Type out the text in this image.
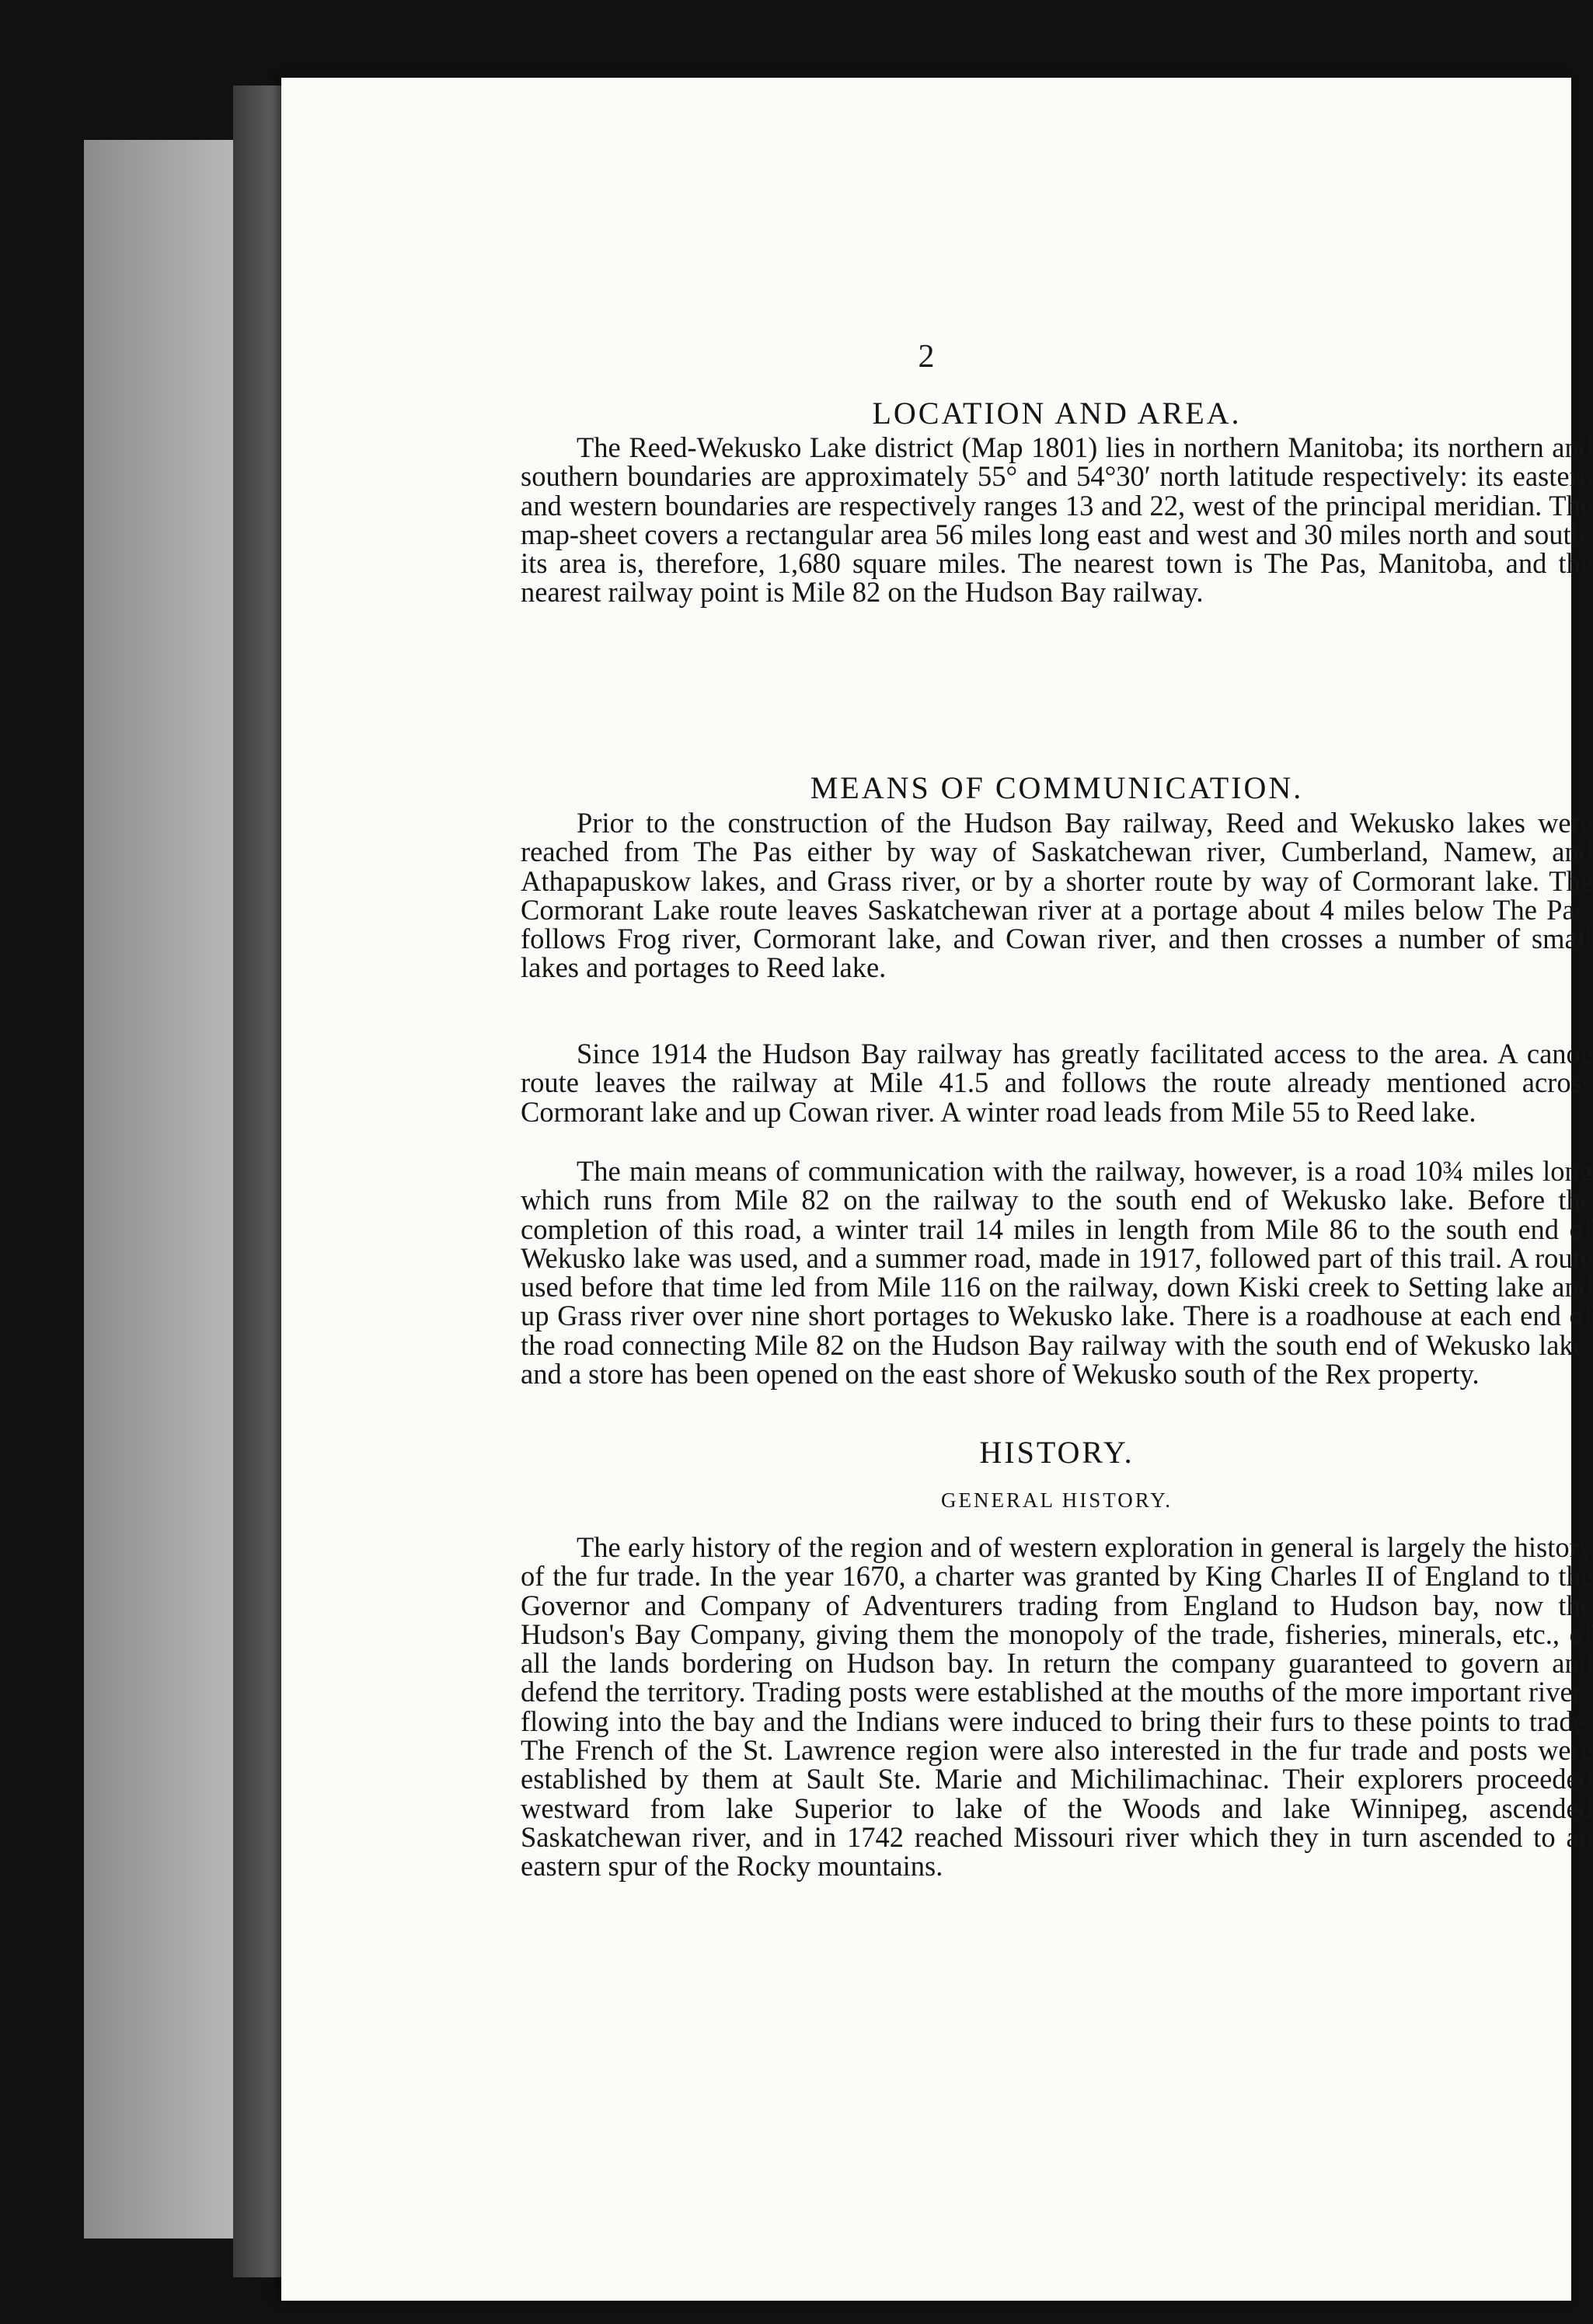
2
LOCATION AND AREA.

The Reed-Wekusko Lake district (Map 1801) lies in northern Manitoba; its northern and southern boundaries are approximately 55° and 54°30′ north latitude respectively: its eastern and western boundaries are respectively ranges 13 and 22, west of the principal meridian. The map-sheet covers a rectangular area 56 miles long east and west and 30 miles north and south: its area is, therefore, 1,680 square miles. The nearest town is The Pas, Manitoba, and the nearest railway point is Mile 82 on the Hudson Bay railway.

MEANS OF COMMUNICATION.

Prior to the construction of the Hudson Bay railway, Reed and Wekusko lakes were reached from The Pas either by way of Saskatchewan river, Cumberland, Namew, and Athapapuskow lakes, and Grass river, or by a shorter route by way of Cormorant lake. The Cormorant Lake route leaves Saskatchewan river at a portage about 4 miles below The Pas, follows Frog river, Cormorant lake, and Cowan river, and then crosses a number of small lakes and portages to Reed lake.

Since 1914 the Hudson Bay railway has greatly facilitated access to the area. A canoe route leaves the railway at Mile 41.5 and follows the route already mentioned across Cormorant lake and up Cowan river. A winter road leads from Mile 55 to Reed lake.

The main means of communication with the railway, however, is a road 10¾ miles long which runs from Mile 82 on the railway to the south end of Wekusko lake. Before the completion of this road, a winter trail 14 miles in length from Mile 86 to the south end of Wekusko lake was used, and a summer road, made in 1917, followed part of this trail. A route used before that time led from Mile 116 on the railway, down Kiski creek to Setting lake and up Grass river over nine short portages to Wekusko lake. There is a roadhouse at each end of the road connecting Mile 82 on the Hudson Bay railway with the south end of Wekusko lake, and a store has been opened on the east shore of Wekusko south of the Rex property.

HISTORY.
GENERAL HISTORY.

The early history of the region and of western exploration in general is largely the history of the fur trade. In the year 1670, a charter was granted by King Charles II of England to the Governor and Company of Adventurers trading from England to Hudson bay, now the Hudson's Bay Company, giving them the monopoly of the trade, fisheries, minerals, etc., of all the lands bordering on Hudson bay. In return the company guaranteed to govern and defend the territory. Trading posts were established at the mouths of the more important rivers flowing into the bay and the Indians were induced to bring their furs to these points to trade. The French of the St. Lawrence region were also interested in the fur trade and posts were established by them at Sault Ste. Marie and Michilimachinac. Their explorers proceeded westward from lake Superior to lake of the Woods and lake Winnipeg, ascended Saskatchewan river, and in 1742 reached Missouri river which they in turn ascended to an eastern spur of the Rocky mountains.
